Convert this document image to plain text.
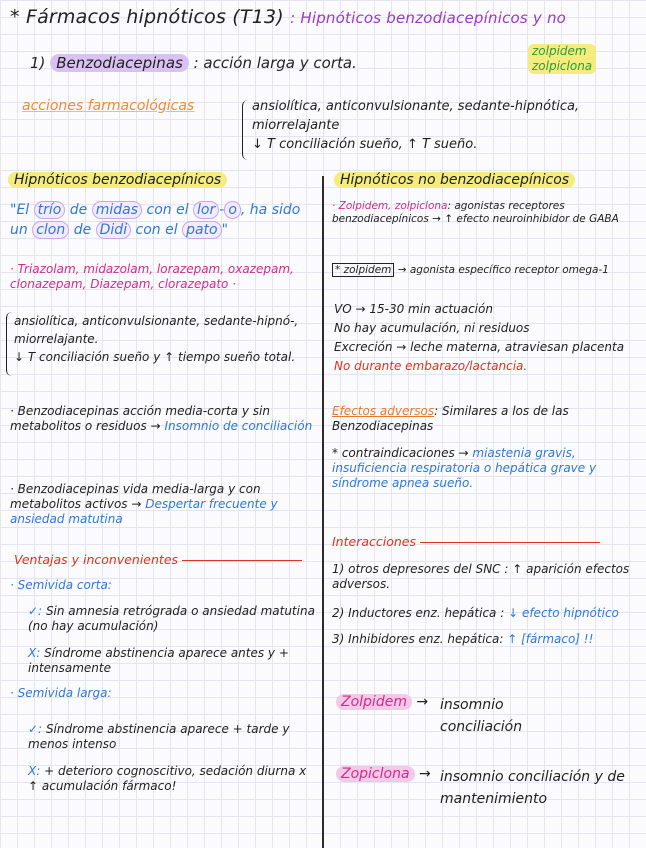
* Fármacos hipnóticos (T13) : Hipnóticos benzodiacepínicos y no
1) Benzodiacepinas : acción larga y corta.
zolpidem
zolpiclona
acciones farmacológicas	ansiolítica, anticonvulsionante, sedante-hipnótica,
miorrelajante
↓ T conciliación sueño, ↑ T sueño.
Hipnóticos benzodiacepínicos
"El trío de midas con el lor - o , ha sido un clon de Didi con el pato "
· Triazolam, midazolam, lorazepam, oxazepam, clonazepam, Diazepam, clorazepato ·
ansiolítica, anticonvulsionante, sedante-hipnó-,
miorrelajante.
↓ T conciliación sueño y ↑ tiempo sueño total.
· Benzodiacepinas acción media-corta y sin metabolitos o residuos → Insomnio de conciliación
· Benzodiacepinas vida media-larga y con metabolitos activos → Despertar frecuente y ansiedad matutina
Ventajas y inconvenientes
· Semivida corta:
✓: Sin amnesia retrógrada o ansiedad matutina (no hay acumulación)
X: Síndrome abstinencia aparece antes y + intensamente
· Semivida larga:
✓: Síndrome abstinencia aparece + tarde y menos intenso
X: + deterioro cognoscitivo, sedación diurna x ↑ acumulación fármaco!
Hipnóticos no benzodiacepínicos
· Zolpidem, zolpiclona: agonistas receptores benzodiacepínicos → ↑ efecto neuroinhibidor de GABA
* zolpidem → agonista específico receptor omega-1
VO → 15-30 min actuación
No hay acumulación, ni residuos
Excreción → leche materna, atraviesan placenta No durante embarazo/lactancia.
Efectos adversos: Similares a los de las Benzodiacepinas
* contraindicaciones → miastenia gravis, insuficiencia respiratoria o hepática grave y síndrome apnea sueño.
Interacciones
1) otros depresores del SNC : ↑ aparición efectos adversos.
2) Inductores enz. hepática : ↓ efecto hipnótico
3) Inhibidores enz. hepática: ↑ [fármaco] !!
Zolpidem → insomnio conciliación
Zopiclona → insomnio conciliación y de mantenimiento
